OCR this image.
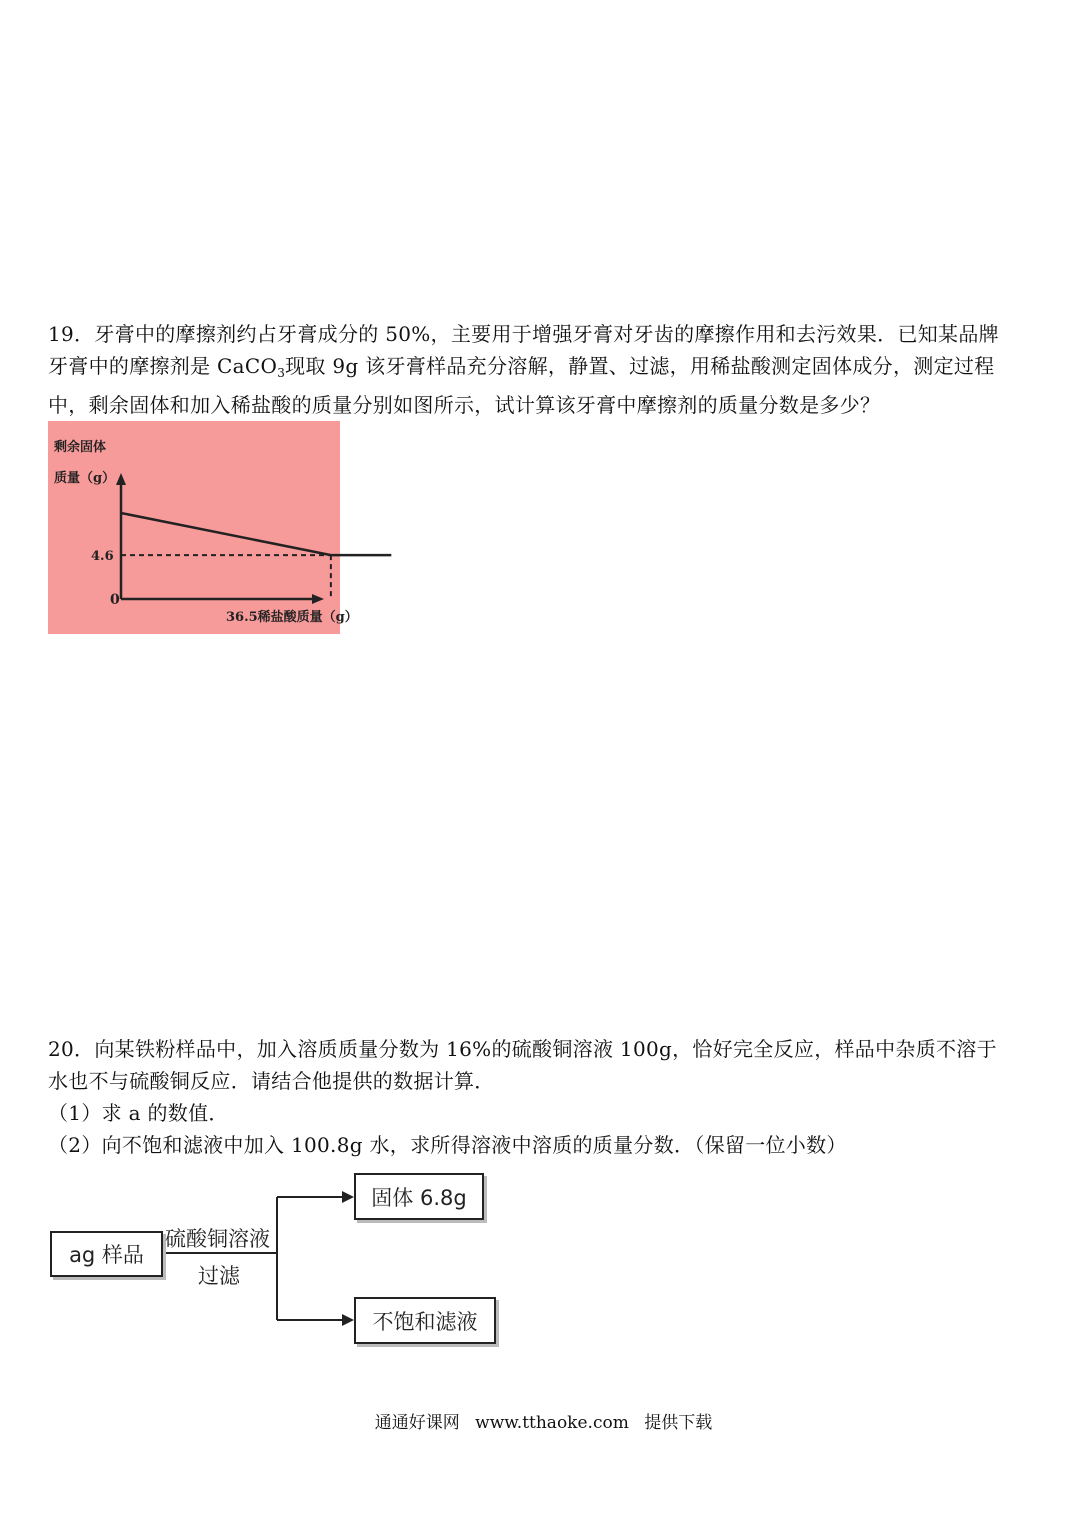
19．牙膏中的摩擦剂约占牙膏成分的 50%，主要用于增强牙膏对牙齿的摩擦作用和去污效果．已知某品牌

牙膏中的摩擦剂是 CaCO$_3$现取 9g 该牙膏样品充分溶解，静置、过滤，用稀盐酸测定固体成分，测定过程

中，剩余固体和加入稀盐酸的质量分别如图所示，试计算该牙膏中摩擦剂的质量分数是多少？

剩余固体
质量（g）
0
4.6
36.5稀盐酸质量（g）

20．向某铁粉样品中，加入溶质质量分数为 16%的硫酸铜溶液 100g，恰好完全反应，样品中杂质不溶于

水也不与硫酸铜反应．请结合他提供的数据计算．

（1）求 a 的数值．

（2）向不饱和滤液中加入 100.8g 水，求所得溶液中溶质的质量分数．（保留一位小数）

ag 样品
硫酸铜溶液
过滤
固体 6.8g
不饱和滤液
通通好课网 www.tthaoke.com 提供下载
